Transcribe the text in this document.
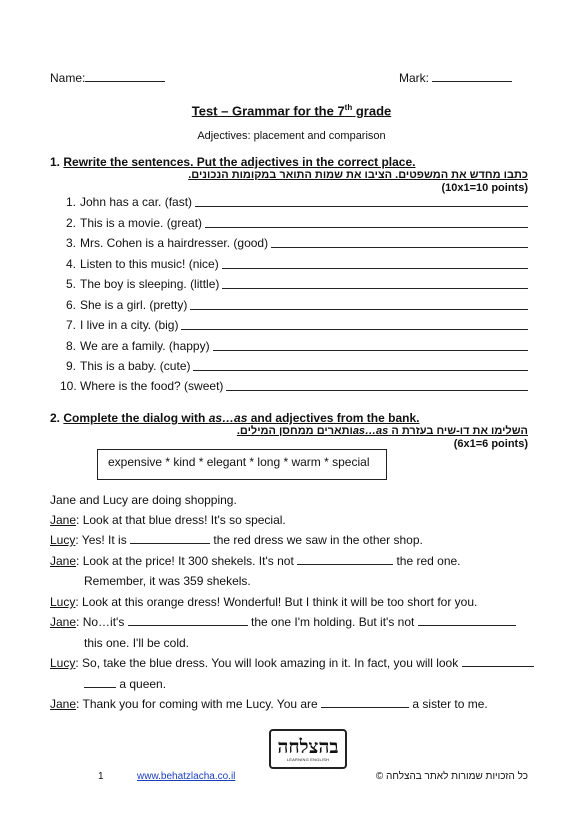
Name:	Mark:
Test – Grammar for the 7th grade
Adjectives: placement and comparison
1. Rewrite the sentences. Put the adjectives in the correct place.
כתבו מחדש את המשפטים. הציבו את שמות התואר במקומות הנכונים.
(10x1=10 points)
1. John has a car. (fast)
2. This is a movie. (great)
3. Mrs. Cohen is a hairdresser. (good)
4. Listen to this music! (nice)
5. The boy is sleeping. (little)
6. She is a girl. (pretty)
7. I live in a city. (big)
8. We are a family. (happy)
9. This is a baby. (cute)
10. Where is the food? (sweet)
2. Complete the dialog with as…as and adjectives from the bank.
ותארים ממחסן המילים.as…as השלימו את דו-שיח בעזרת ה
(6x1=6 points)
expensive * kind * elegant * long * warm * special
Jane and Lucy are doing shopping.
Jane: Look at that blue dress! It's so special.
Lucy: Yes! It is	the red dress we saw in the other shop.
Jane: Look at the price! It 300 shekels. It's not	the red one.
Remember, it was 359 shekels.
Lucy: Look at this orange dress! Wonderful! But I think it will be too short for you.
Jane: No…it's	the one I'm holding. But it's not
this one. I'll be cold.
Lucy: So, take the blue dress. You will look amazing in it. In fact, you will look
a queen.
Jane: Thank you for coming with me Lucy. You are	a sister to me.
בהצלחה
LEARNING ENGLISH
1	www.behatzlacha.co.il	כל הזכויות שמורות לאתר בהצלחה ©
